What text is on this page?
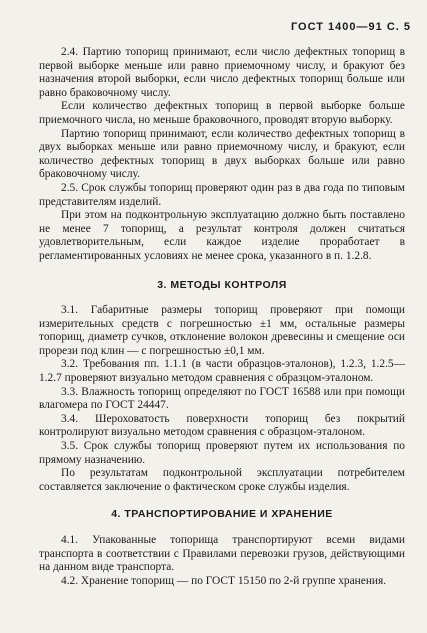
ГОСТ 1400—91 С. 5

2.4. Партию топорищ принимают, если число дефектных топорищ в первой выборке меньше или равно приемочному числу, и бракуют без назначения второй выборки, если число дефектных топорищ больше или равно браковочному числу.

Если количество дефектных топорищ в первой выборке больше приемочного числа, но меньше браковочного, проводят вторую выборку.

Партию топорищ принимают, если количество дефектных топорищ в двух выборках меньше или равно приемочному числу, и бракуют, если количество дефектных топорищ в двух выборках больше или равно браковочному числу.

2.5. Срок службы топорищ проверяют один раз в два года по типовым представителям изделий.

При этом на подконтрольную эксплуатацию должно быть поставлено не менее 7 топорищ, а результат контроля должен считаться удовлетворительным, если каждое изделие проработает в регламентированных условиях не менее срока, указанного в п. 1.2.8.

3. МЕТОДЫ КОНТРОЛЯ

3.1. Габаритные размеры топорищ проверяют при помощи измерительных средств с погрешностью ±1 мм, остальные размеры топорищ, диаметр сучков, отклонение волокон древесины и смещение оси прорези под клин — с погрешностью ±0,1 мм.

3.2. Требования пп. 1.1.1 (в части образцов-эталонов), 1.2.3, 1.2.5—1.2.7 проверяют визуально методом сравнения с образцом-эталоном.

3.3. Влажность топорищ определяют по ГОСТ 16588 или при помощи влагомера по ГОСТ 24447.

3.4. Шероховатость поверхности топорищ без покрытий контролируют визуально методом сравнения с образцом-эталоном.

3.5. Срок службы топорищ проверяют путем их использования по прямому назначению.

По результатам подконтрольной эксплуатации потребителем составляется заключение о фактическом сроке службы изделия.

4. ТРАНСПОРТИРОВАНИЕ И ХРАНЕНИЕ

4.1. Упакованные топорища транспортируют всеми видами транспорта в соответствии с Правилами перевозки грузов, действующими на данном виде транспорта.

4.2. Хранение топорищ — по ГОСТ 15150 по 2-й группе хранения.
